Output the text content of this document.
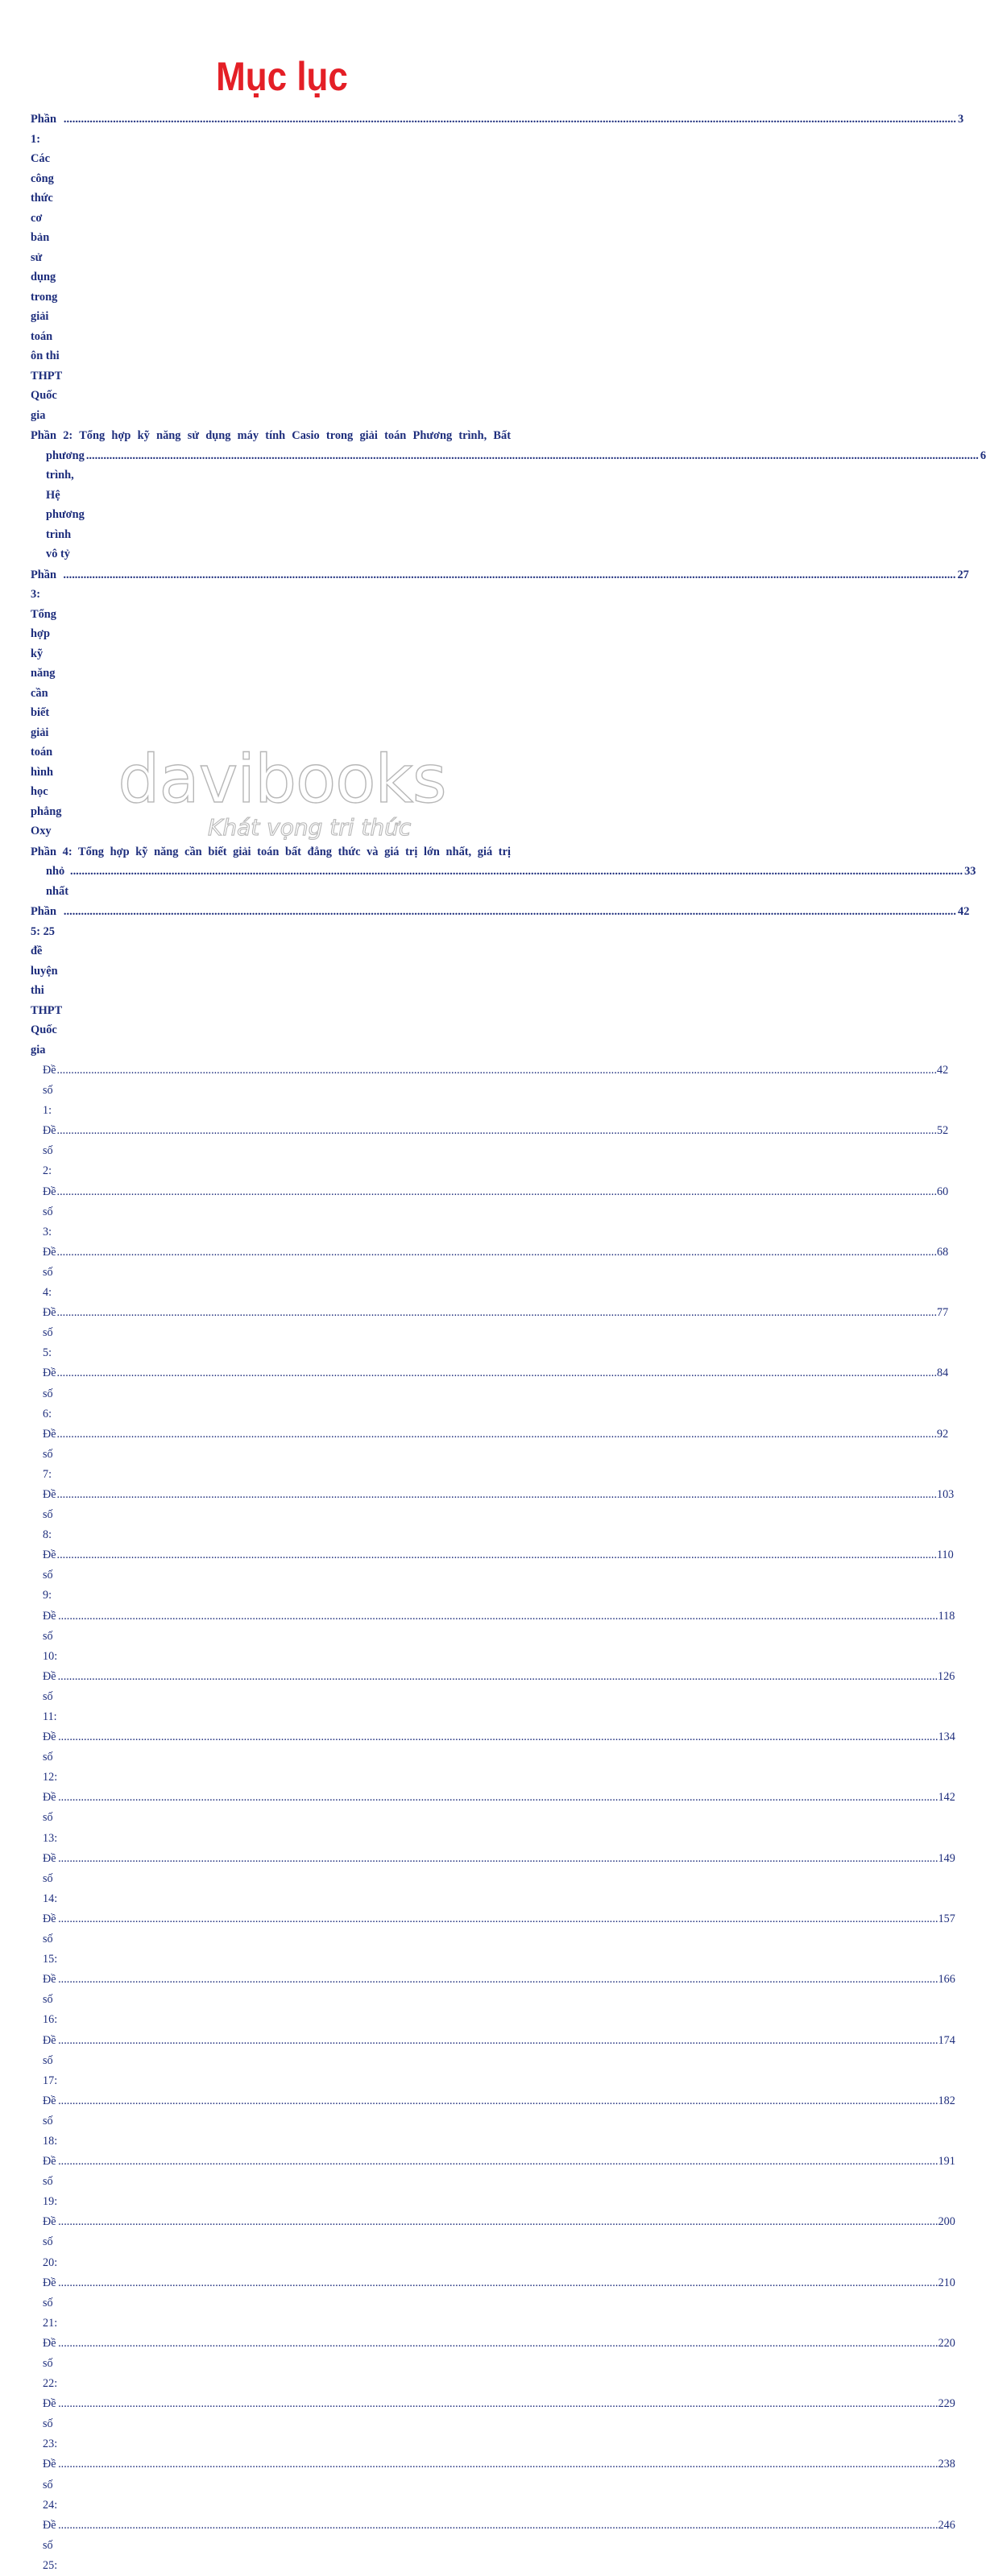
Mục lục
Phần 1: Các công thức cơ bản sử dụng trong giải toán ôn thi THPT Quốc gia
.....
3
Phần 2: Tổng hợp kỹ năng sử dụng máy tính Casio trong giải toán Phương trình, Bất
phương trình, Hệ phương trình vô tỷ
.....
6
Phần 3: Tổng hợp kỹ năng cần biết giải toán hình học phẳng Oxy
.....
27
Phần 4: Tổng hợp kỹ năng cần biết giải toán bất đẳng thức và giá trị lớn nhất, giá trị
nhỏ nhất
.....
33
Phần 5: 25 đề luyện thi THPT Quốc gia
.....
42
Đề số 1:
.....
42
Đề số 2:
.....
52
Đề số 3:
.....
60
Đề số 4:
.....
68
Đề số 5:
.....
77
Đề số 6:
.....
84
Đề số 7:
.....
92
Đề số 8:
.....
103
Đề số 9:
.....
110
Đề số 10:
.....
118
Đề số 11:
.....
126
Đề số 12:
.....
134
Đề số 13:
.....
142
Đề số 14:
.....
149
Đề số 15:
.....
157
Đề số 16:
.....
166
Đề số 17:
.....
174
Đề số 18:
.....
182
Đề số 19:
.....
191
Đề số 20:
.....
200
Đề số 21:
.....
210
Đề số 22:
.....
220
Đề số 23:
.....
229
Đề số 24:
.....
238
Đề số 25:
.....
246
davibooks
Khát vọng tri thức
